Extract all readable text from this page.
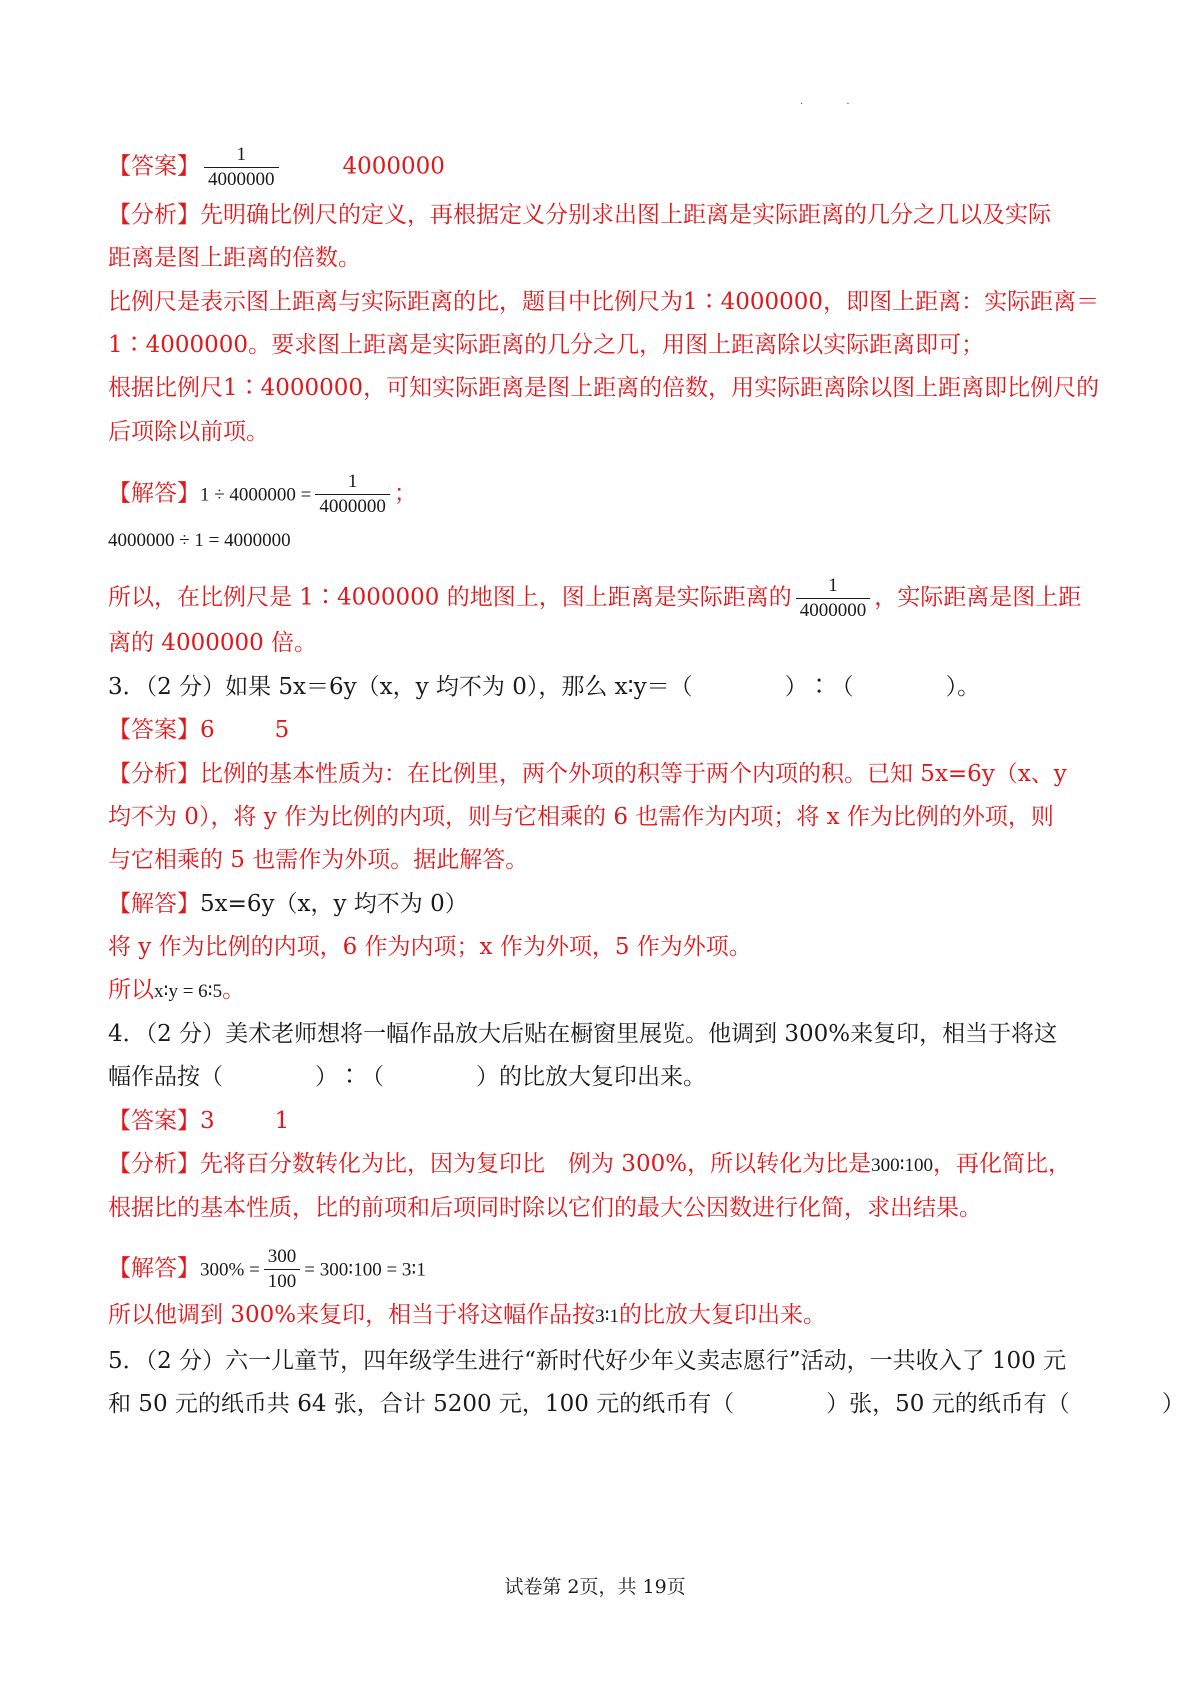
. .
【答案】 $\frac{1}{4000000}$	4000000
【分析】先明确比例尺的定义，再根据定义分别求出图上距离是实际距离的几分之几以及实际
距离是图上距离的倍数。
比例尺是表示图上距离与实际距离的比，题目中比例尺为1∶4000000，即图上距离：实际距离＝
1∶4000000。要求图上距离是实际距离的几分之几，用图上距离除以实际距离即可；
根据比例尺1∶4000000，可知实际距离是图上距离的倍数，用实际距离除以图上距离即比例尺的
后项除以前项。
【解答】$1 \div 4000000 = \frac{1}{4000000}$ ；
4000000 ÷ 1 = 4000000
所以，在比例尺是 1∶4000000 的地图上，图上距离是实际距离的 $\frac{1}{4000000}$ ，实际距离是图上距
离的 4000000 倍。
3．（2 分）如果 5x＝6y（x，y 均不为 0），那么 x∶y＝（　　　　）∶（　　　　）。
【答案】6	5
【分析】比例的基本性质为：在比例里，两个外项的积等于两个内项的积。已知 5x=6y（x、y
均不为 0），将 y 作为比例的内项，则与它相乘的 6 也需作为内项；将 x 作为比例的外项，则
与它相乘的 5 也需作为外项。据此解答。
【解答】5x=6y（x，y 均不为 0）
将 y 作为比例的内项，6 作为内项；x 作为外项，5 作为外项。
所以x∶y = 6∶5。
4．（2 分）美术老师想将一幅作品放大后贴在橱窗里展览。他调到 300%来复印，相当于将这
幅作品按（　　　　）∶（　　　　）的比放大复印出来。
【答案】3	1
【分析】先将百分数转化为比，因为复印比　例为 300%，所以转化为比是300∶100，再化简比，
根据比的基本性质，比的前项和后项同时除以它们的最大公因数进行化简，求出结果。
【解答】$300\% = \frac{300}{100}$ = 300∶100 = 3∶1
所以他调到 300%来复印，相当于将这幅作品按3∶1的比放大复印出来。
5．（2 分）六一儿童节，四年级学生进行“新时代好少年义卖志愿行”活动，一共收入了 100 元
和 50 元的纸币共 64 张，合计 5200 元，100 元的纸币有（　　　　）张，50 元的纸币有（　　　　）
试卷第 2页，共 19页
